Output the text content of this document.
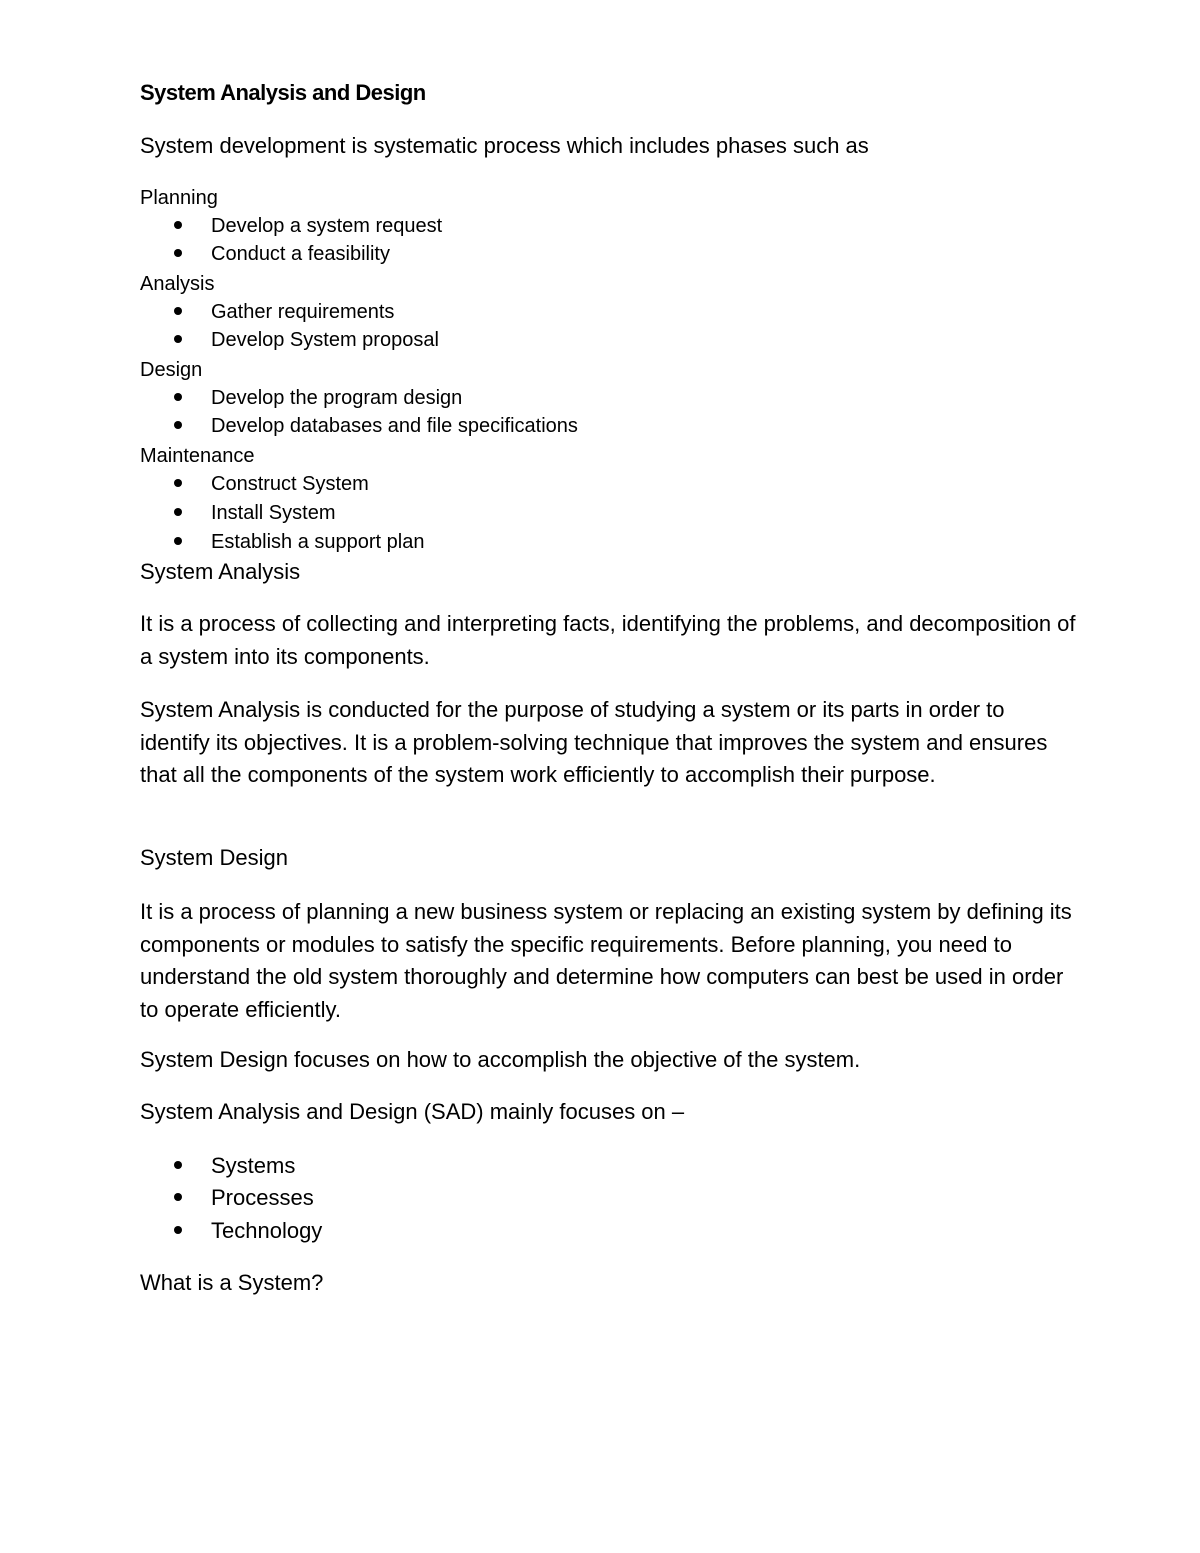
System Analysis and Design
System development is systematic process which includes phases such as
Planning
Develop a system request
Conduct a feasibility
Analysis
Gather requirements
Develop System proposal
Design
Develop the program design
Develop databases and file specifications
Maintenance
Construct System
Install System
Establish a support plan
System Analysis
It is a process of collecting and interpreting facts, identifying the problems, and decomposition of a system into its components.
System Analysis is conducted for the purpose of studying a system or its parts in order to identify its objectives. It is a problem-solving technique that improves the system and ensures that all the components of the system work efficiently to accomplish their purpose.
System Design
It is a process of planning a new business system or replacing an existing system by defining its components or modules to satisfy the specific requirements. Before planning, you need to understand the old system thoroughly and determine how computers can best be used in order to operate efficiently.
System Design focuses on how to accomplish the objective of the system.
System Analysis and Design (SAD) mainly focuses on –
Systems
Processes
Technology
What is a System?
